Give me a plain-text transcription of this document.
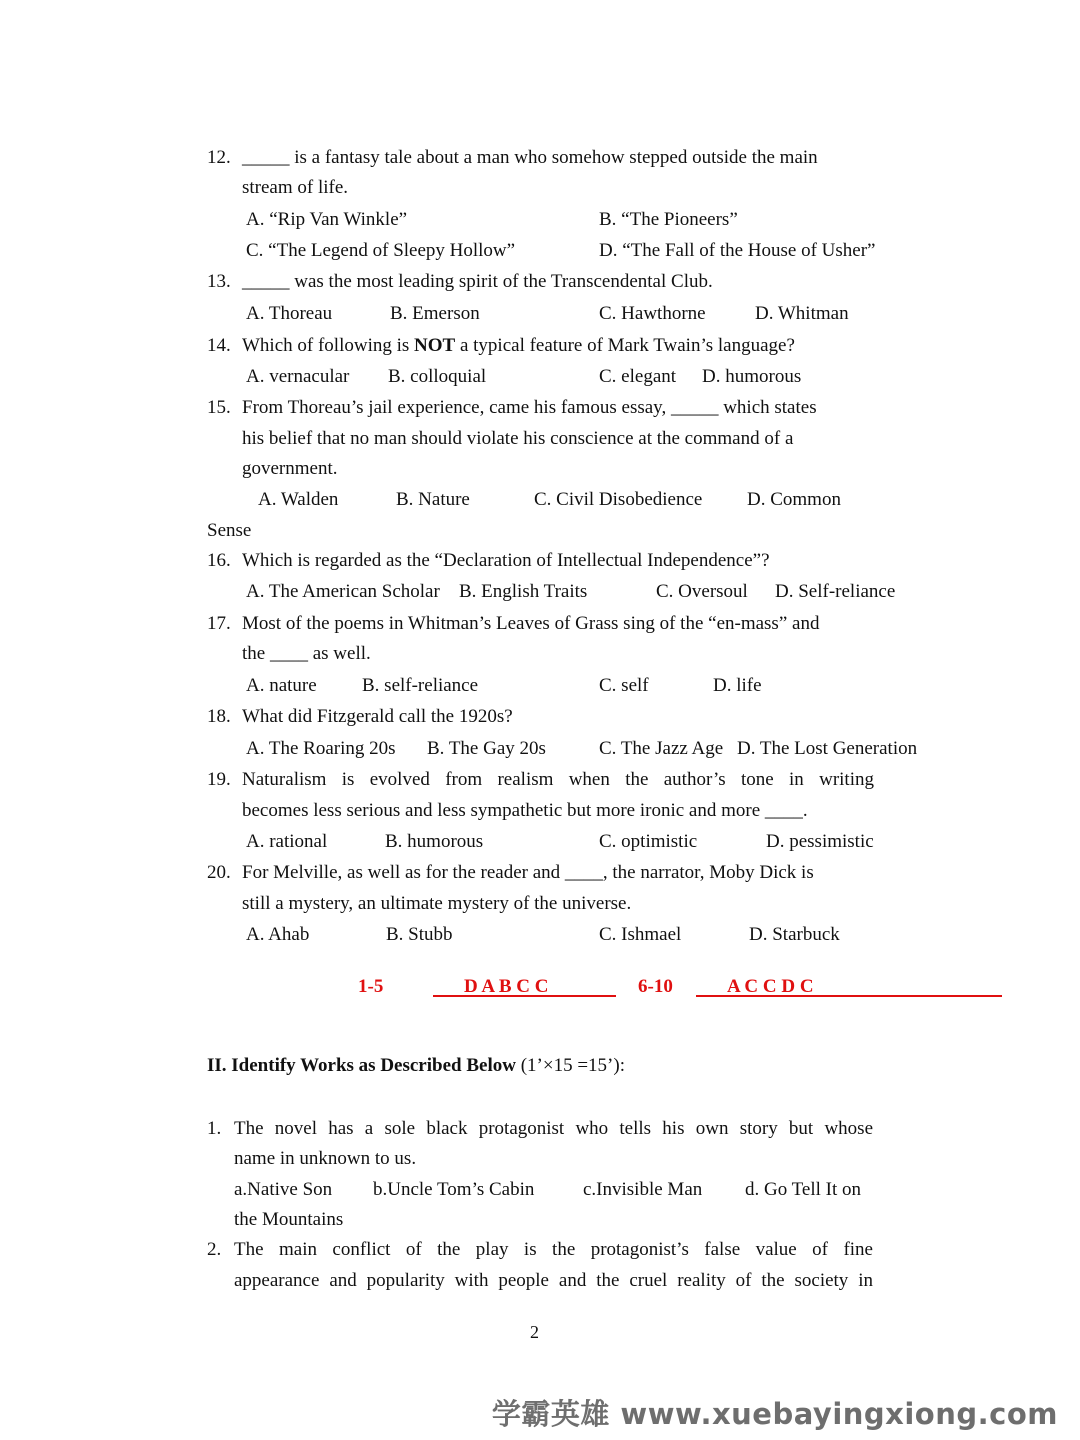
12. _____ is a fantasy tale about a man who somehow stepped outside the main
stream of life.
A. “Rip Van Winkle”	B. “The Pioneers”
C. “The Legend of Sleepy Hollow”	D. “The Fall of the House of Usher”
13. _____ was the most leading spirit of the Transcendental Club.
A. Thoreau	B. Emerson	C. Hawthorne	D. Whitman
14. Which of following is NOT a typical feature of Mark Twain’s language?
A. vernacular B. colloquial	C. elegant D. humorous
15. From Thoreau’s jail experience, came his famous essay, _____ which states
his belief that no man should violate his conscience at the command of a
government.
A. Walden	B. Nature	C. Civil Disobedience D. Common
Sense
16. Which is regarded as the “Declaration of Intellectual Independence”?
A. The American Scholar B. English Traits	C. Oversoul D. Self-reliance
17. Most of the poems in Whitman’s Leaves of Grass sing of the “en-mass” and
the ____ as well.
A. nature B. self-reliance	C. self	D. life
18. What did Fitzgerald call the 1920s?
A. The Roaring 20s B. The Gay 20s	C. The Jazz Age D. The Lost Generation
19. Naturalism is evolved from realism when the author’s tone in writing
becomes less serious and less sympathetic but more ironic and more ____.
A. rational	B. humorous	C. optimistic	D. pessimistic
20. For Melville, as well as for the reader and ____, the narrator, Moby Dick is
still a mystery, an ultimate mystery of the universe.
A. Ahab	B. Stubb	C. Ishmael	D. Starbuck
1-5

	D A B C C

	6-10

	A C C D C

II. Identify Works as Described Below (1’×15 =15’):
1. The novel has a sole black protagonist who tells his own story but whose
name in unknown to us.
a.Native Son b.Uncle Tom’s Cabin	c.Invisible Man d. Go Tell It on
the Mountains
2. The main conflict of the play is the protagonist’s false value of fine
appearance and popularity with people and the cruel reality of the society in
2
学霸英雄 www.xuebayingxiong.com
